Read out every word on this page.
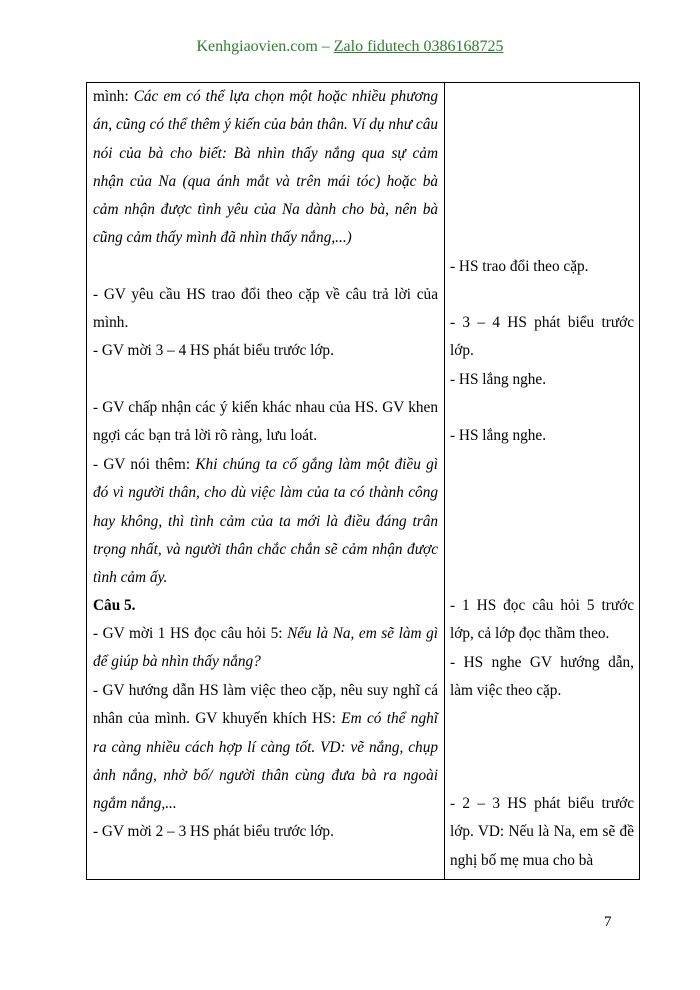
Kenhgiaovien.com – Zalo fidutech 0386168725

mình: Các em có thể lựa chọn một hoặc nhiều phương án, cũng có thể thêm ý kiến của bản thân. Ví dụ như câu nói của bà cho biết: Bà nhìn thấy nắng qua sự cảm nhận của Na (qua ánh mắt và trên mái tóc) hoặc bà cảm nhận được tình yêu của Na dành cho bà, nên bà cũng cảm thấy mình đã nhìn thấy nắng,...)

- GV yêu cầu HS trao đổi theo cặp về câu trả lời của mình.

- GV mời 3 – 4 HS phát biểu trước lớp.

- GV chấp nhận các ý kiến khác nhau của HS. GV khen ngợi các bạn trả lời rõ ràng, lưu loát.

- GV nói thêm: Khi chúng ta cố gắng làm một điều gì đó vì người thân, cho dù việc làm của ta có thành công hay không, thì tình cảm của ta mới là điều đáng trân trọng nhất, và người thân chắc chắn sẽ cảm nhận được tình cảm ấy.

Câu 5.

- GV mời 1 HS đọc câu hỏi 5: Nếu là Na, em sẽ làm gì để giúp bà nhìn thấy nắng?

- GV hướng dẫn HS làm việc theo cặp, nêu suy nghĩ cá nhân của mình. GV khuyến khích HS: Em có thể nghĩ ra càng nhiều cách hợp lí càng tốt. VD: vẽ nắng, chụp ảnh nắng, nhờ bố/ người thân cùng đưa bà ra ngoài ngắm nắng,...

- GV mời 2 – 3 HS phát biểu trước lớp.

- HS trao đổi theo cặp.

- 3 – 4 HS phát biểu trước lớp.

- HS lắng nghe.

- HS lắng nghe.

- 1 HS đọc câu hỏi 5 trước lớp, cả lớp đọc thầm theo.

- HS nghe GV hướng dẫn, làm việc theo cặp.

- 2 – 3 HS phát biểu trước lớp. VD: Nếu là Na, em sẽ đề nghị bố mẹ mua cho bà

7
